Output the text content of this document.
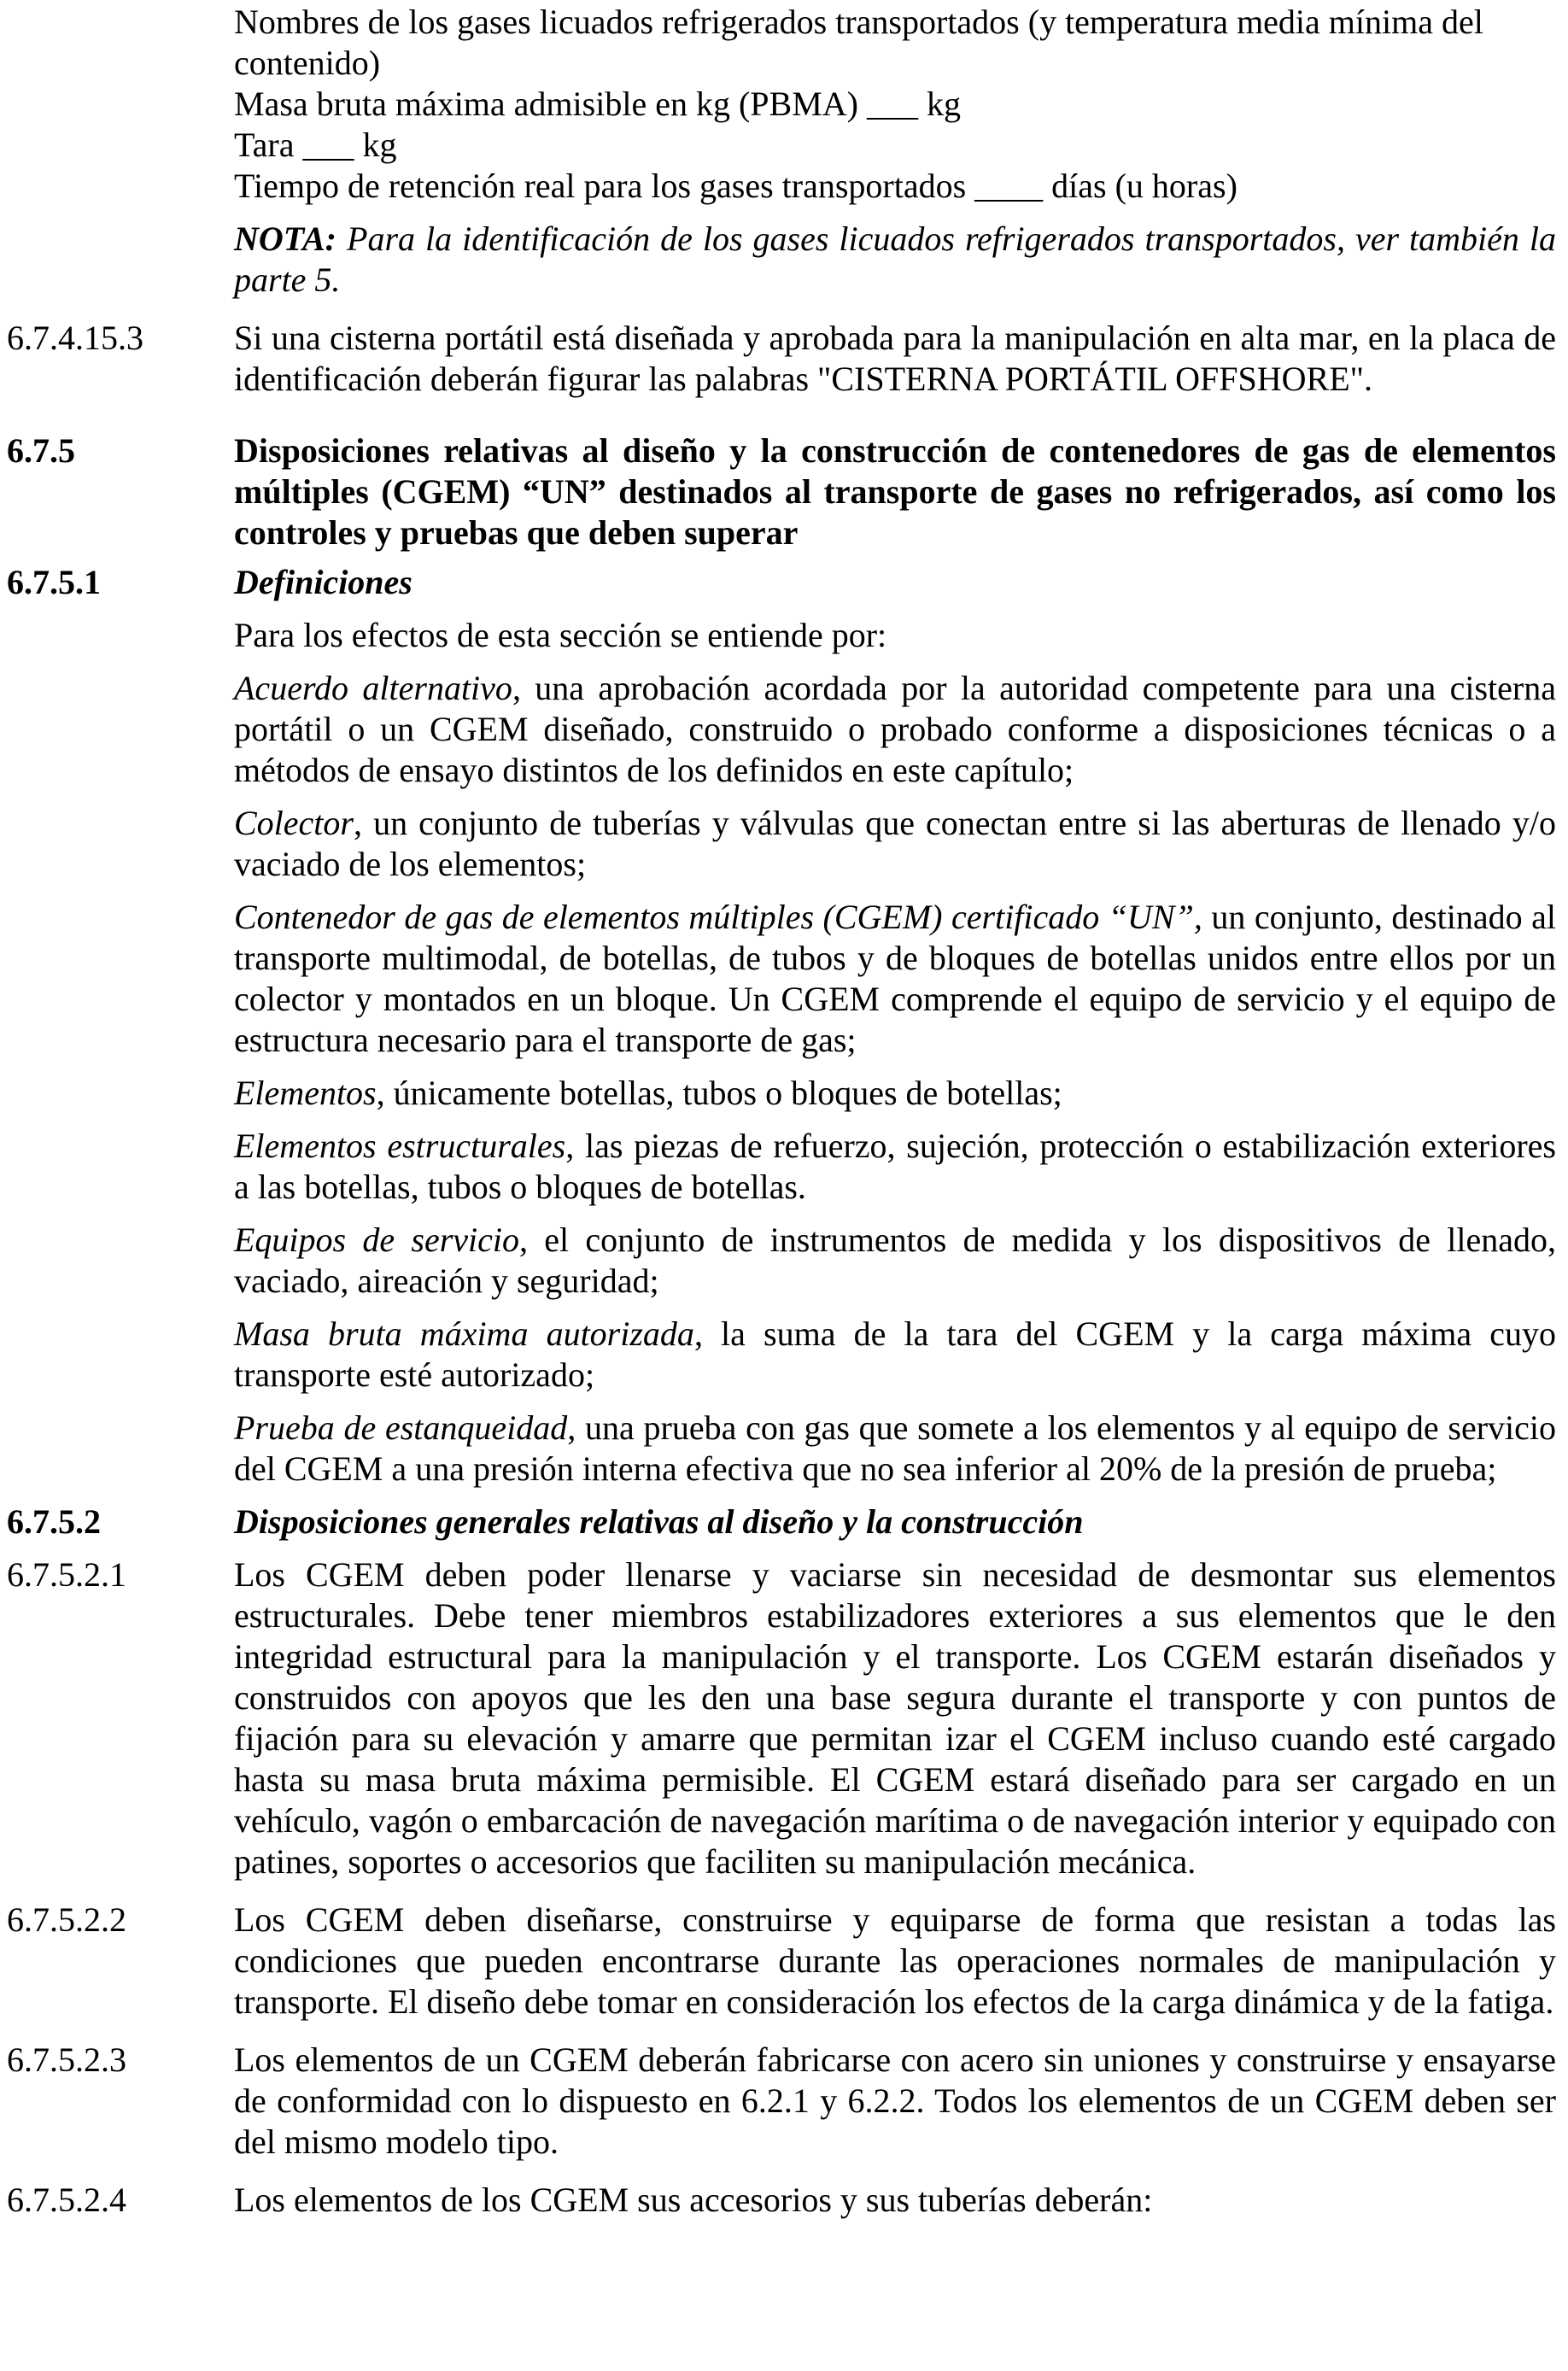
Nombres de los gases licuados refrigerados transportados (y temperatura media mínima del contenido)
Masa bruta máxima admisible en kg (PBMA) ___ kg
Tara ___ kg
Tiempo de retención real para los gases transportados ____ días (u horas)
NOTA: Para la identificación de los gases licuados refrigerados transportados, ver también la parte 5.
6.7.4.15.3	Si una cisterna portátil está diseñada y aprobada para la manipulación en alta mar, en la placa de identificación deberán figurar las palabras "CISTERNA PORTÁTIL OFFSHORE".
6.7.5	Disposiciones relativas al diseño y la construcción de contenedores de gas de elementos múltiples (CGEM) “UN” destinados al transporte de gases no refrigerados, así como los controles y pruebas que deben superar
6.7.5.1	Definiciones
Para los efectos de esta sección se entiende por:
Acuerdo alternativo, una aprobación acordada por la autoridad competente para una cisterna portátil o un CGEM diseñado, construido o probado conforme a disposiciones técnicas o a métodos de ensayo distintos de los definidos en este capítulo;
Colector, un conjunto de tuberías y válvulas que conectan entre si las aberturas de llenado y/o vaciado de los elementos;
Contenedor de gas de elementos múltiples (CGEM) certificado “UN”, un conjunto, destinado al transporte multimodal, de botellas, de tubos y de bloques de botellas unidos entre ellos por un colector y montados en un bloque. Un CGEM comprende el equipo de servicio y el equipo de estructura necesario para el transporte de gas;
Elementos, únicamente botellas, tubos o bloques de botellas;
Elementos estructurales, las piezas de refuerzo, sujeción, protección o estabilización exteriores a las botellas, tubos o bloques de botellas.
Equipos de servicio, el conjunto de instrumentos de medida y los dispositivos de llenado, vaciado, aireación y seguridad;
Masa bruta máxima autorizada, la suma de la tara del CGEM y la carga máxima cuyo transporte esté autorizado;
Prueba de estanqueidad, una prueba con gas que somete a los elementos y al equipo de servicio del CGEM a una presión interna efectiva que no sea inferior al 20% de la presión de prueba;
6.7.5.2	Disposiciones generales relativas al diseño y la construcción
6.7.5.2.1	Los CGEM deben poder llenarse y vaciarse sin necesidad de desmontar sus elementos estructurales. Debe tener miembros estabilizadores exteriores a sus elementos que le den integridad estructural para la manipulación y el transporte. Los CGEM estarán diseñados y construidos con apoyos que les den una base segura durante el transporte y con puntos de fijación para su elevación y amarre que permitan izar el CGEM incluso cuando esté cargado hasta su masa bruta máxima permisible. El CGEM estará diseñado para ser cargado en un vehículo, vagón o embarcación de navegación marítima o de navegación interior y equipado con patines, soportes o accesorios que faciliten su manipulación mecánica.
6.7.5.2.2	Los CGEM deben diseñarse, construirse y equiparse de forma que resistan a todas las condiciones que pueden encontrarse durante las operaciones normales de manipulación y transporte. El diseño debe tomar en consideración los efectos de la carga dinámica y de la fatiga.
6.7.5.2.3	Los elementos de un CGEM deberán fabricarse con acero sin uniones y construirse y ensayarse de conformidad con lo dispuesto en 6.2.1 y 6.2.2. Todos los elementos de un CGEM deben ser del mismo modelo tipo.
6.7.5.2.4	Los elementos de los CGEM sus accesorios y sus tuberías deberán:
